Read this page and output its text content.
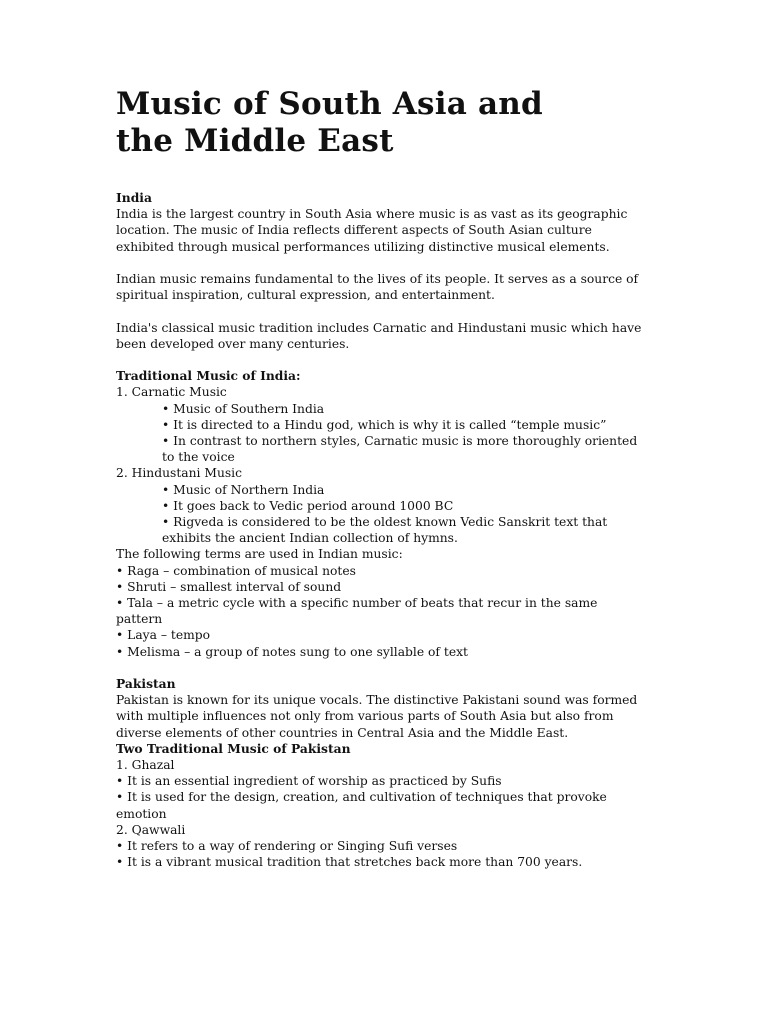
Music of South Asia and
the Middle East

India

India is the largest country in South Asia where music is as vast as its geographic location. The music of India reflects different aspects of South Asian culture exhibited through musical performances utilizing distinctive musical elements.

Indian music remains fundamental to the lives of its people. It serves as a source of spiritual inspiration, cultural expression, and entertainment.

India's classical music tradition includes Carnatic and Hindustani music which have been developed over many centuries.

Traditional Music of India:

1. Carnatic Music

• Music of Southern India

• It is directed to a Hindu god, which is why it is called “temple music”

• In contrast to northern styles, Carnatic music is more thoroughly oriented to the voice

2. Hindustani Music

• Music of Northern India

• It goes back to Vedic period around 1000 BC

• Rigveda is considered to be the oldest known Vedic Sanskrit text that exhibits the ancient Indian collection of hymns.

The following terms are used in Indian music:

• Raga – combination of musical notes

• Shruti – smallest interval of sound

• Tala – a metric cycle with a specific number of beats that recur in the same pattern

• Laya – tempo

• Melisma – a group of notes sung to one syllable of text

Pakistan

Pakistan is known for its unique vocals. The distinctive Pakistani sound was formed with multiple influences not only from various parts of South Asia but also from diverse elements of other countries in Central Asia and the Middle East.

Two Traditional Music of Pakistan

1. Ghazal

• It is an essential ingredient of worship as practiced by Sufis

• It is used for the design, creation, and cultivation of techniques that provoke emotion

2. Qawwali

• It refers to a way of rendering or Singing Sufi verses

• It is a vibrant musical tradition that stretches back more than 700 years.
